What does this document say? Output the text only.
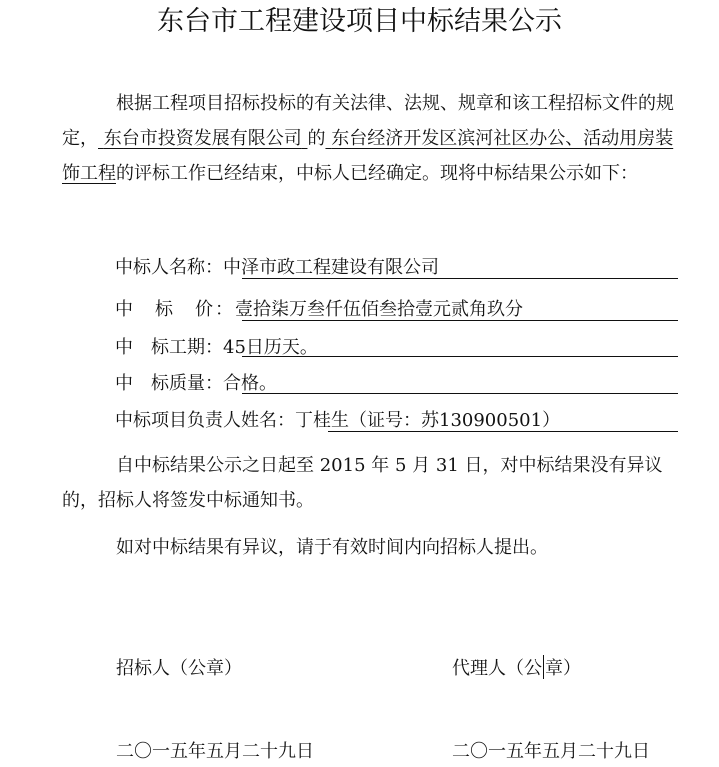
东台市工程建设项目中标结果公示
根据工程项目招标投标的有关法律、法规、规章和该工程招标文件的规定， 东台市投资发展有限公司 的 东台经济开发区滨河社区办公、活动用房装饰工程的评标工作已经结束，中标人已经确定。现将中标结果公示如下：
中标人名称：中泽市政工程建设有限公司
中　标　价：壹拾柒万叁仟伍佰叁拾壹元贰角玖分
中　标工期：45日历天。
中　标质量：合格。
中标项目负责人姓名：丁桂生（证号：苏130900501）
自中标结果公示之日起至 2015 年 5 月 31 日，对中标结果没有异议的，招标人将签发中标通知书。
如对中标结果有异议，请于有效时间内向招标人提出。
招标人（公章）	代理人（公 章）
二〇一五年五月二十九日	二〇一五年五月二十九日
